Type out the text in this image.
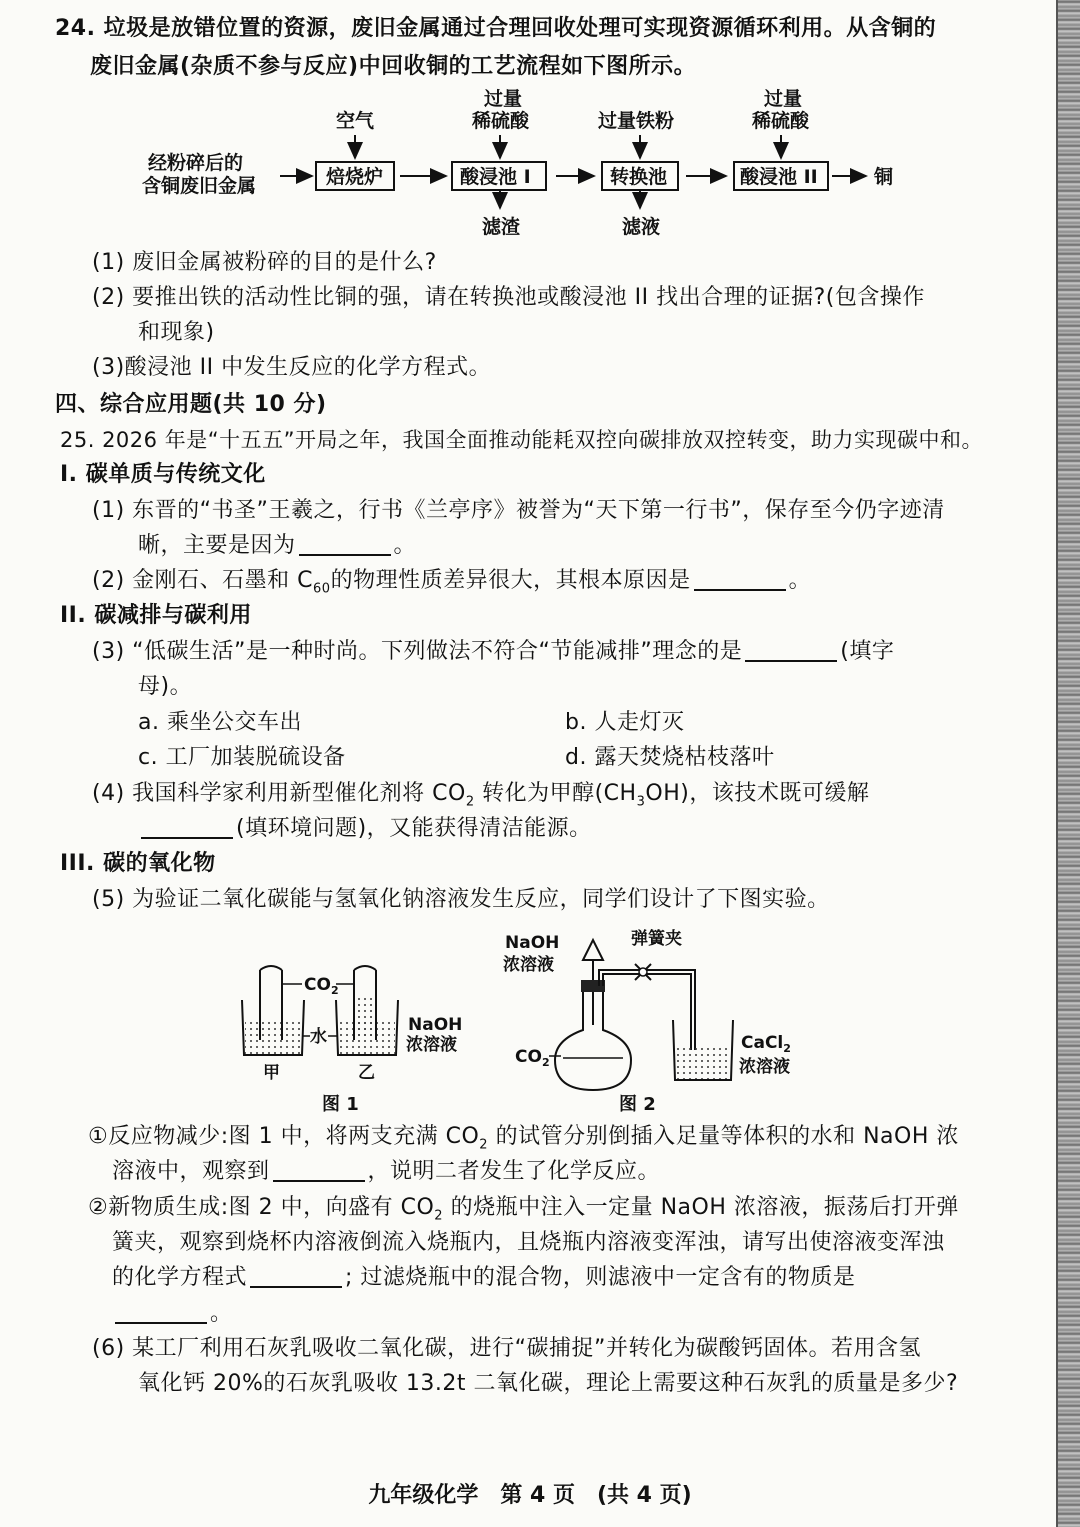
24. 垃圾是放错位置的资源，废旧金属通过合理回收处理可实现资源循环利用。从含铜的
废旧金属(杂质不参与反应)中回收铜的工艺流程如下图所示。
经粉碎后的
含铜废旧金属	焙烧炉
空气
酸浸池 I
过量
稀硫酸
滤渣
转换池
过量铁粉
滤液
酸浸池 II
过量
稀硫酸
铜
(1) 废旧金属被粉碎的目的是什么?
(2) 要推出铁的活动性比铜的强，请在转换池或酸浸池 II 找出合理的证据?(包含操作
和现象)
(3)酸浸池 II 中发生反应的化学方程式。
四、综合应用题(共 10 分)
25. 2026 年是“十五五”开局之年，我国全面推动能耗双控向碳排放双控转变，助力实现碳中和。
I. 碳单质与传统文化
(1) 东晋的“书圣”王羲之，行书《兰亭序》被誉为“天下第一行书”，保存至今仍字迹清
晰，主要是因为	。
(2) 金刚石、石墨和 $C_{60}$的物理性质差异很大，其根本原因是	。
II. 碳减排与碳利用
(3) “低碳生活”是一种时尚。下列做法不符合“节能减排”理念的是	(填字
母)。
a. 乘坐公交车出	b. 人走灯灭
c. 工厂加装脱硫设备	d. 露天焚烧枯枝落叶
(4) 我国科学家利用新型催化剂将 $CO_2$ 转化为甲醇$(CH_3OH)$，该技术既可缓解
(填环境问题)，又能获得清洁能源。
III. 碳的氧化物
(5) 为验证二氧化碳能与氢氧化钠溶液发生反应，同学们设计了下图实验。
$CO_2$
水
NaOH
浓溶液
甲	乙
图 1
NaOH
浓溶液
弹簧夹
$CO_2$
CaCl$_2$
浓溶液
图 2
①反应物减少:图 1 中，将两支充满 $CO_2$ 的试管分别倒插入足量等体积的水和 NaOH 浓
溶液中，观察到	，说明二者发生了化学反应。
②新物质生成:图 2 中，向盛有 $CO_2$ 的烧瓶中注入一定量 NaOH 浓溶液，振荡后打开弹
簧夹，观察到烧杯内溶液倒流入烧瓶内，且烧瓶内溶液变浑浊，请写出使溶液变浑浊
的化学方程式	; 过滤烧瓶中的混合物，则滤液中一定含有的物质是
。
(6) 某工厂利用石灰乳吸收二氧化碳，进行“碳捕捉”并转化为碳酸钙固体。若用含氢
氧化钙 20%的石灰乳吸收 13.2t 二氧化碳，理论上需要这种石灰乳的质量是多少?
九年级化学　第 4 页　(共 4 页)
